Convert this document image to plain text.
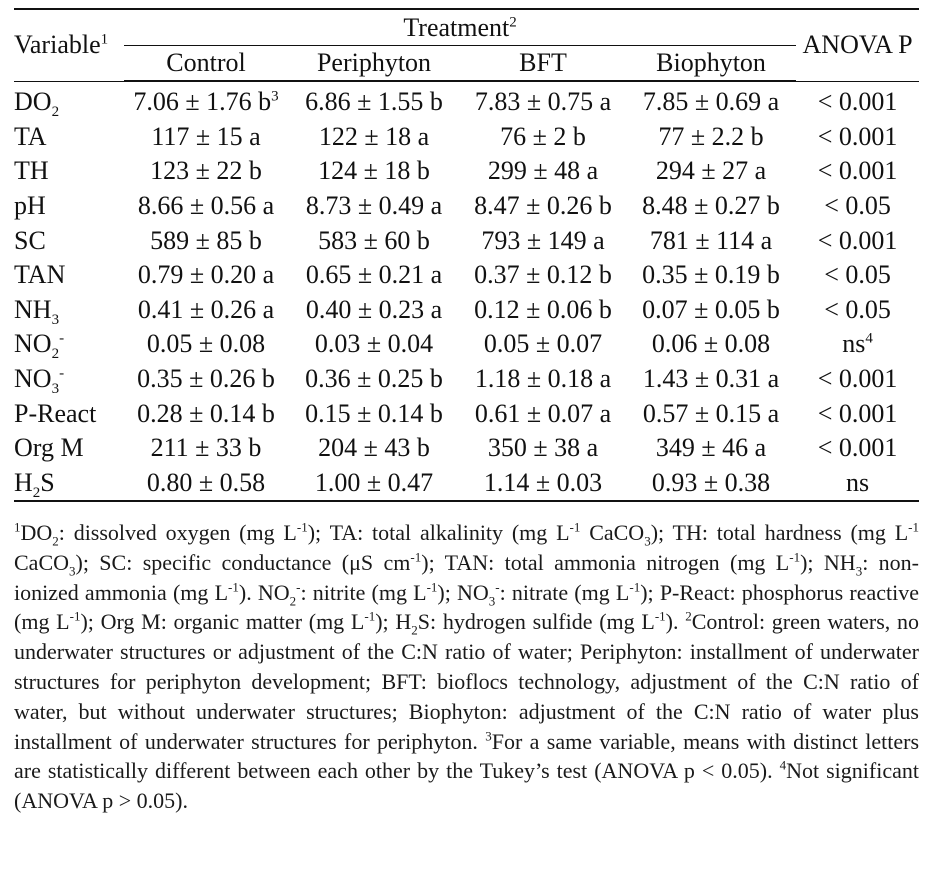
Variable$^1$	Treatment$^2$				ANOVA P
	Control	Periphyton	BFT	Biophyton	

$DO_2$	7.06 ± 1.76 $b^3$	6.86 ± 1.55 b	7.83 ± 0.75 a	7.85 ± 0.69 a	< 0.001
TA	117 ± 15 a	122 ± 18 a	76 ± 2 b	77 ± 2.2 b	< 0.001
TH	123 ± 22 b	124 ± 18 b	299 ± 48 a	294 ± 27 a	< 0.001
pH	8.66 ± 0.56 a	8.73 ± 0.49 a	8.47 ± 0.26 b	8.48 ± 0.27 b	< 0.05
SC	589 ± 85 b	583 ± 60 b	793 ± 149 a	781 ± 114 a	< 0.001
TAN	0.79 ± 0.20 a	0.65 ± 0.21 a	0.37 ± 0.12 b	0.35 ± 0.19 b	< 0.05
$NH_3$	0.41 ± 0.26 a	0.40 ± 0.23 a	0.12 ± 0.06 b	0.07 ± 0.05 b	< 0.05
$NO_2^-$	0.05 ± 0.08	0.03 ± 0.04	0.05 ± 0.07	0.06 ± 0.08	$ns^4$
$NO_3^-$	0.35 ± 0.26 b	0.36 ± 0.25 b	1.18 ± 0.18 a	1.43 ± 0.31 a	< 0.001
P-React	0.28 ± 0.14 b	0.15 ± 0.14 b	0.61 ± 0.07 a	0.57 ± 0.15 a	< 0.001
Org M	211 ± 33 b	204 ± 43 b	350 ± 38 a	349 ± 46 a	< 0.001
$H_2S$	0.80 ± 0.58	1.00 ± 0.47	1.14 ± 0.03	0.93 ± 0.38	ns
$^1DO_2$: dissolved oxygen (mg $L^{-1}$); TA: total alkalinity (mg $L^{-1}$ CaCO$_3$); TH: total hardness (mg $L^{-1}$ CaCO$_3$); SC: specific conductance (μS $cm^{-1}$); TAN: total ammonia nitrogen (mg $L^{-1}$); $NH_3$: non-ionized ammonia (mg $L^{-1}$). $NO_2^-$: nitrite (mg $L^{-1}$); $NO_3^-$: nitrate (mg $L^{-1}$); P-React: phosphorus reactive (mg $L^{-1}$); Org M: organic matter (mg $L^{-1}$); $H_2S$: hydrogen sulfide (mg $L^{-1}$). $^2$Control: green waters, no underwater structures or adjustment of the C:N ratio of water; Periphyton: installment of underwater structures for periphyton development; BFT: bioflocs technology, adjustment of the C:N ratio of water, but without underwater structures; Biophyton: adjustment of the C:N ratio of water plus installment of underwater structures for periphyton. $^3$For a same variable, means with distinct letters are statistically different between each other by the Tukey’s test (ANOVA p < 0.05). $^4$Not significant (ANOVA p > 0.05).
